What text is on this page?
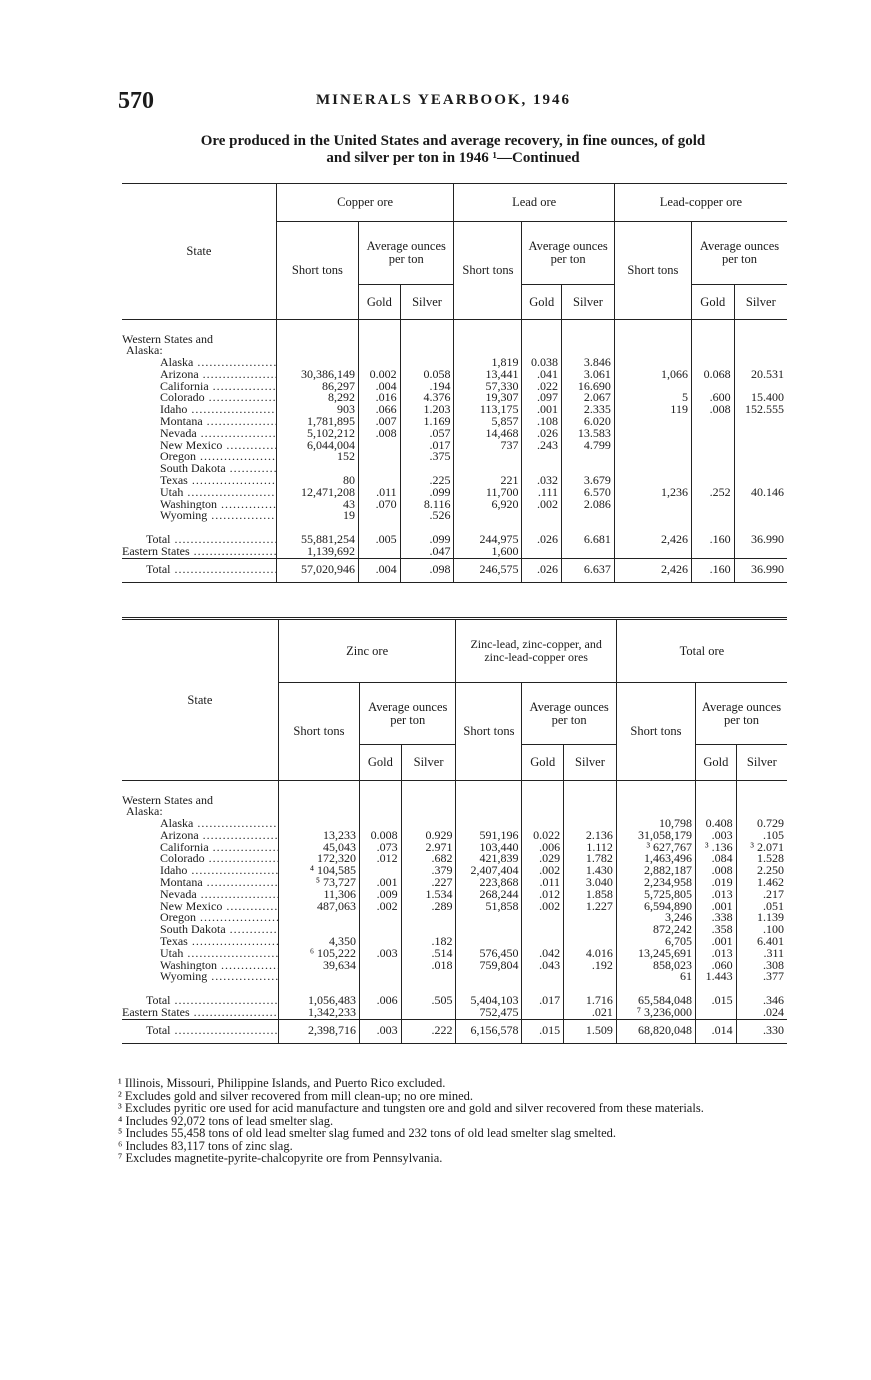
570	MINERALS YEARBOOK, 1946
Ore produced in the United States and average recovery, in fine ounces, of gold
and silver per ton in 1946 ¹—Continued
State	Copper ore			Lead ore			Lead-copper ore		
	Short tons	Average ounces per ton		Short tons	Average ounces per ton		Short tons	Average ounces per ton	
		Gold	Silver		Gold	Silver		Gold	Silver

Western States and									
Alaska:									
Alaska .....				1,819	0.038	3.846			
Arizona .....	30,386,149	0.002	0.058	13,441	.041	3.061	1,066	0.068	20.531
California .....	86,297	.004	.194	57,330	.022	16.690			
Colorado .....	8,292	.016	4.376	19,307	.097	2.067	5	.600	15.400
Idaho .....	903	.066	1.203	113,175	.001	2.335	119	.008	152.555
Montana .....	1,781,895	.007	1.169	5,857	.108	6.020			
Nevada .....	5,102,212	.008	.057	14,468	.026	13.583			
New Mexico .....	6,044,004		.017	737	.243	4.799			
Oregon .....	152		.375						
South Dakota .....									
Texas .....	80		.225	221	.032	3.679			
Utah .....	12,471,208	.011	.099	11,700	.111	6.570	1,236	.252	40.146
Washington .....	43	.070	8.116	6,920	.002	2.086			
Wyoming .....	19		.526						

Total .....	55,881,254	.005	.099	244,975	.026	6.681	2,426	.160	36.990
Eastern States .....	1,139,692		.047	1,600					

Total .....	57,020,946	.004	.098	246,575	.026	6.637	2,426	.160	36.990

State	Zinc ore			Zinc-lead, zinc-copper, and zinc-lead-copper ores			Total ore		
	Short tons	Average ounces per ton		Short tons	Average ounces per ton		Short tons	Average ounces per ton	
		Gold	Silver		Gold	Silver		Gold	Silver

Western States and									
Alaska:									
Alaska .....							10,798	0.408	0.729
Arizona .....	13,233	0.008	0.929	591,196	0.022	2.136	31,058,179	.003	.105
California .....	45,043	.073	2.971	103,440	.006	1.112	³ 627,767	³ .136	³ 2.071
Colorado .....	172,320	.012	.682	421,839	.029	1.782	1,463,496	.084	1.528
Idaho .....	⁴ 104,585		.379	2,407,404	.002	1.430	2,882,187	.008	2.250
Montana .....	⁵ 73,727	.001	.227	223,868	.011	3.040	2,234,958	.019	1.462
Nevada .....	11,306	.009	1.534	268,244	.012	1.858	5,725,805	.013	.217
New Mexico .....	487,063	.002	.289	51,858	.002	1.227	6,594,890	.001	.051
Oregon .....							3,246	.338	1.139
South Dakota .....							872,242	.358	.100
Texas .....	4,350		.182				6,705	.001	6.401
Utah .....	⁶ 105,222	.003	.514	576,450	.042	4.016	13,245,691	.013	.311
Washington .....	39,634		.018	759,804	.043	.192	858,023	.060	.308
Wyoming .....							61	1.443	.377

Total .....	1,056,483	.006	.505	5,404,103	.017	1.716	65,584,048	.015	.346
Eastern States .....	1,342,233			752,475		.021	⁷ 3,236,000		.024

Total .....	2,398,716	.003	.222	6,156,578	.015	1.509	68,820,048	.014	.330

¹ Illinois, Missouri, Philippine Islands, and Puerto Rico excluded.
² Excludes gold and silver recovered from mill clean-up; no ore mined.
³ Excludes pyritic ore used for acid manufacture and tungsten ore and gold and silver recovered from these materials.
⁴ Includes 92,072 tons of lead smelter slag.
⁵ Includes 55,458 tons of old lead smelter slag fumed and 232 tons of old lead smelter slag smelted.
⁶ Includes 83,117 tons of zinc slag.
⁷ Excludes magnetite-pyrite-chalcopyrite ore from Pennsylvania.
